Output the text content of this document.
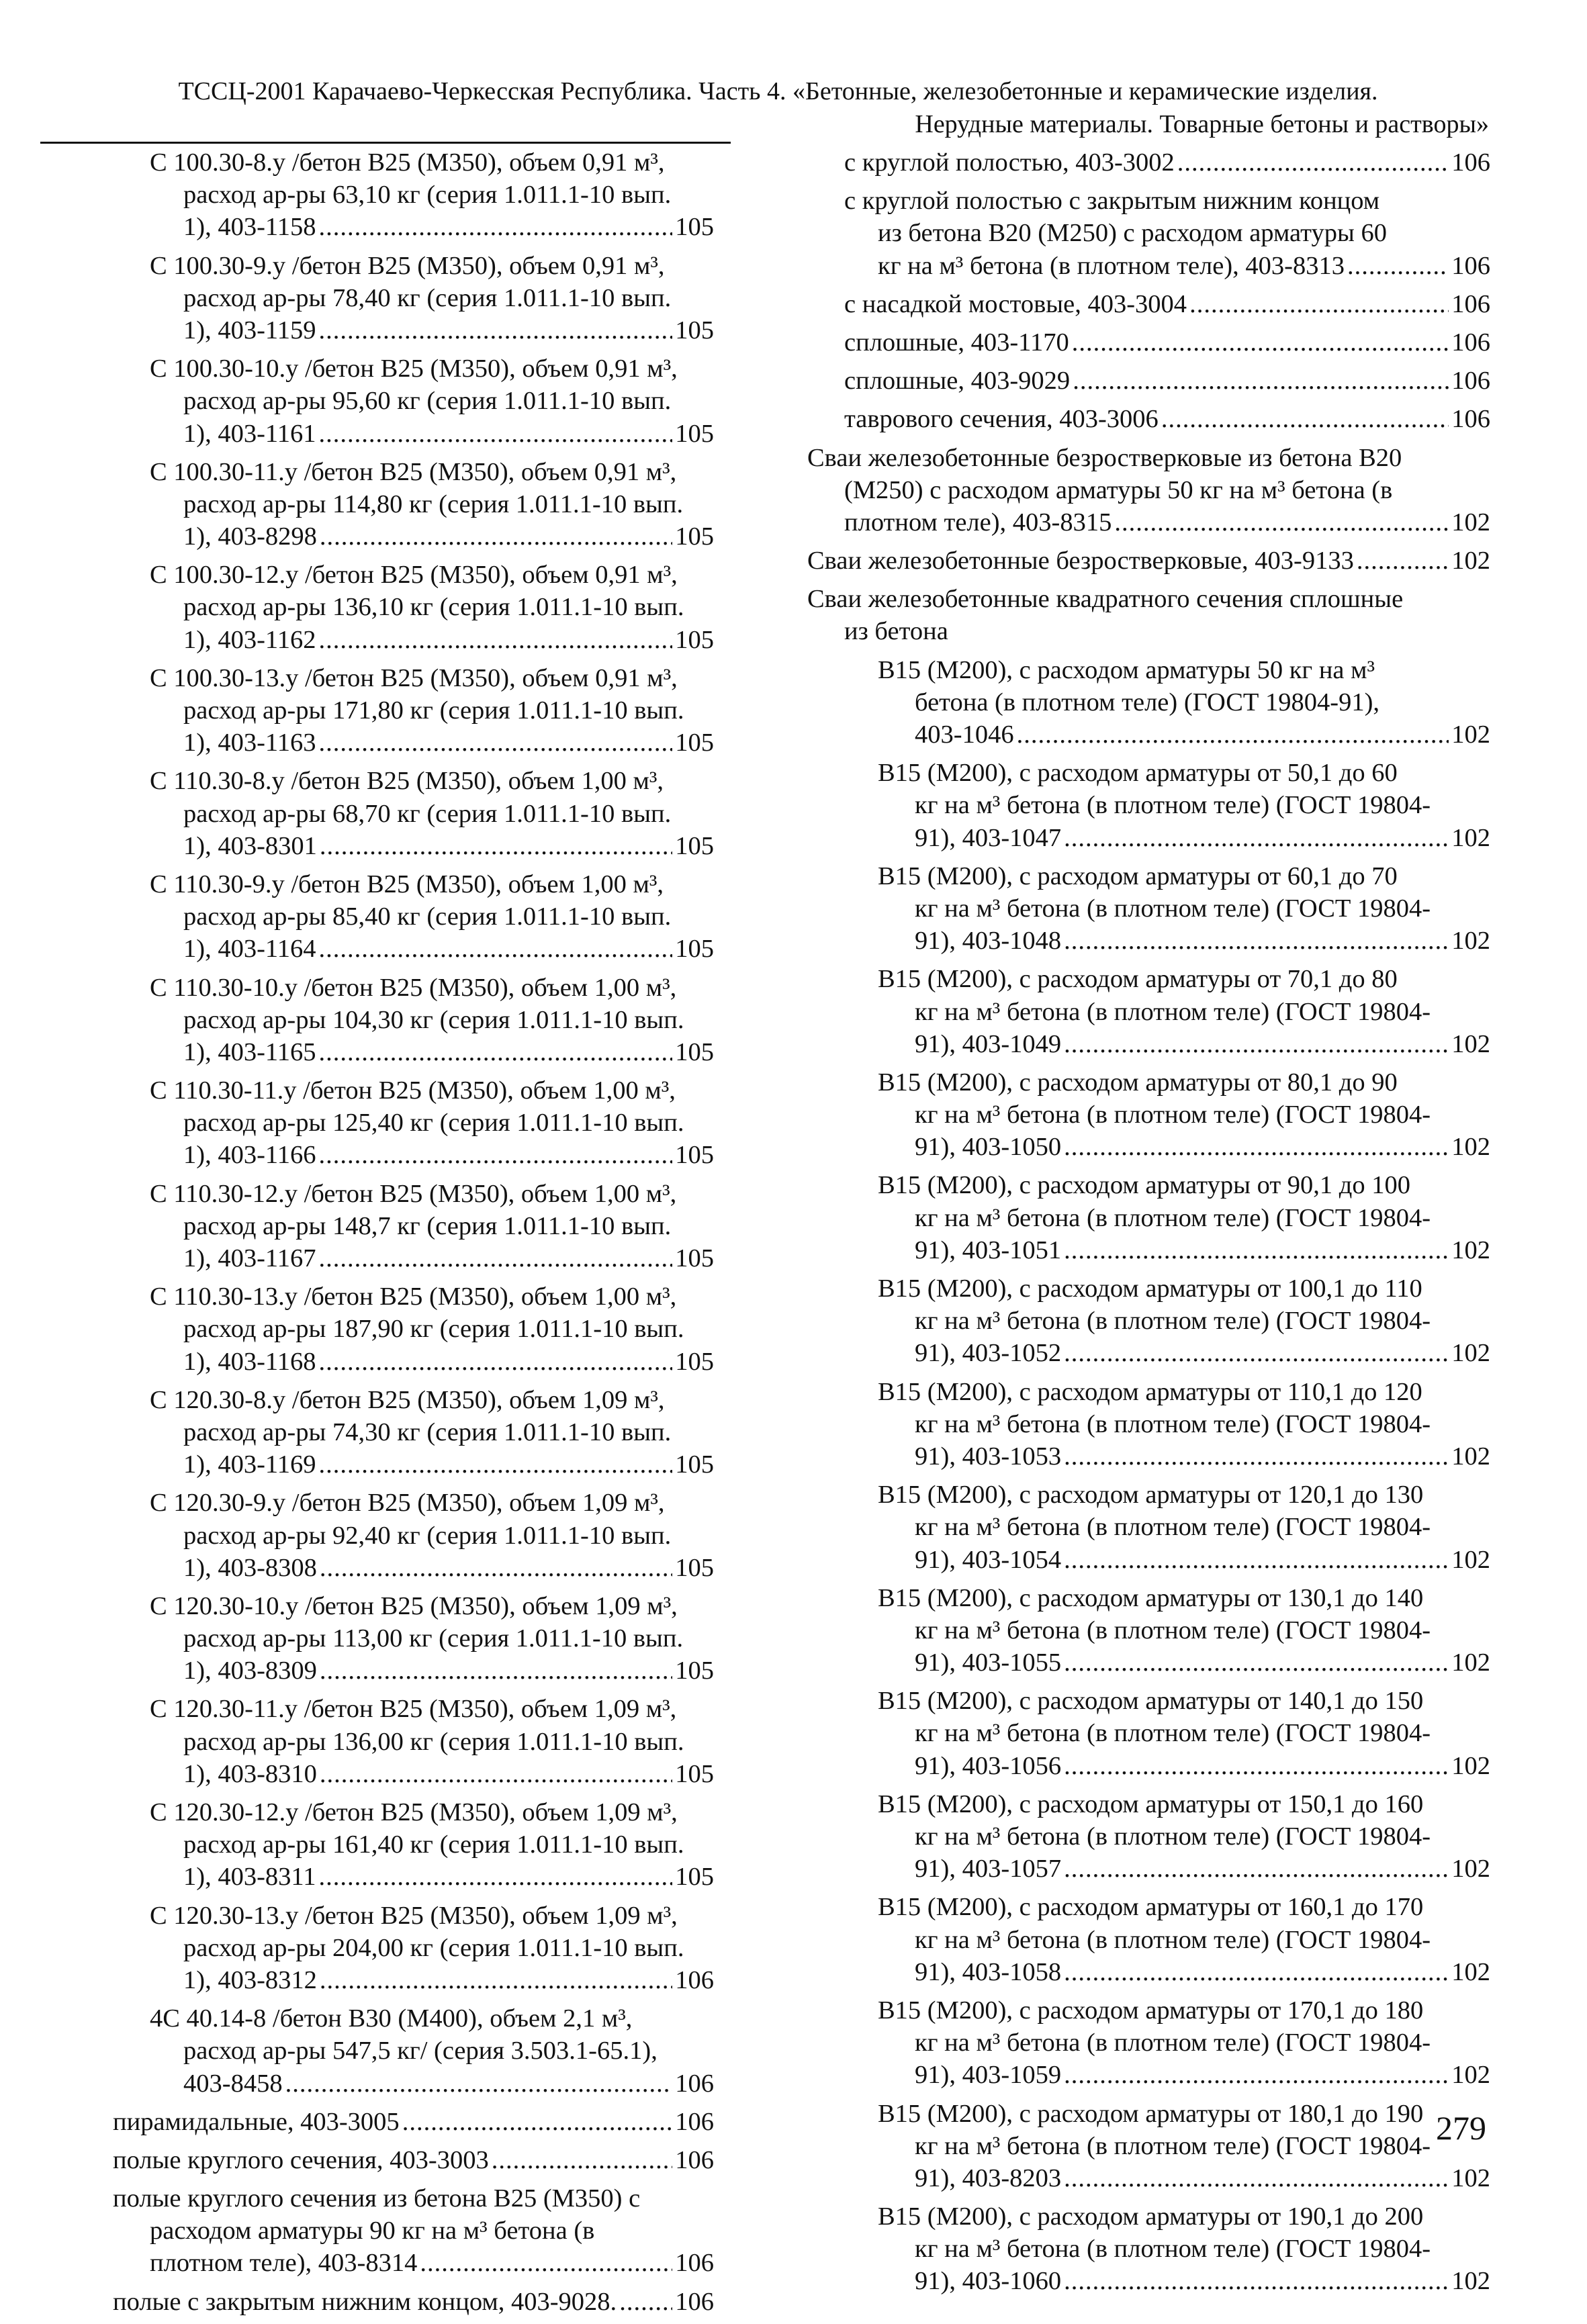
ТССЦ-2001 Карачаево-Черкесская Республика. Часть 4. «Бетонные, железобетонные и керамические изделия.
Нерудные материалы. Товарные бетоны и растворы»
С 100.30-8.у /бетон В25 (М350), объем 0,91 м³,
расход ар-ры 63,10 кг (серия 1.011.1-10 вып.
1), 403-1158 .....	105
С 100.30-9.у /бетон В25 (М350), объем 0,91 м³,
расход ар-ры 78,40 кг (серия 1.011.1-10 вып.
1), 403-1159 .....	105
С 100.30-10.у /бетон В25 (М350), объем 0,91 м³,
расход ар-ры 95,60 кг (серия 1.011.1-10 вып.
1), 403-1161 .....	105
С 100.30-11.у /бетон В25 (М350), объем 0,91 м³,
расход ар-ры 114,80 кг (серия 1.011.1-10 вып.
1), 403-8298 .....	105
С 100.30-12.у /бетон В25 (М350), объем 0,91 м³,
расход ар-ры 136,10 кг (серия 1.011.1-10 вып.
1), 403-1162 .....	105
С 100.30-13.у /бетон В25 (М350), объем 0,91 м³,
расход ар-ры 171,80 кг (серия 1.011.1-10 вып.
1), 403-1163 .....	105
С 110.30-8.у /бетон В25 (М350), объем 1,00 м³,
расход ар-ры 68,70 кг (серия 1.011.1-10 вып.
1), 403-8301 .....	105
С 110.30-9.у /бетон В25 (М350), объем 1,00 м³,
расход ар-ры 85,40 кг (серия 1.011.1-10 вып.
1), 403-1164 .....	105
С 110.30-10.у /бетон В25 (М350), объем 1,00 м³,
расход ар-ры 104,30 кг (серия 1.011.1-10 вып.
1), 403-1165 .....	105
С 110.30-11.у /бетон В25 (М350), объем 1,00 м³,
расход ар-ры 125,40 кг (серия 1.011.1-10 вып.
1), 403-1166 .....	105
С 110.30-12.у /бетон В25 (М350), объем 1,00 м³,
расход ар-ры 148,7 кг (серия 1.011.1-10 вып.
1), 403-1167 .....	105
С 110.30-13.у /бетон В25 (М350), объем 1,00 м³,
расход ар-ры 187,90 кг (серия 1.011.1-10 вып.
1), 403-1168 .....	105
С 120.30-8.у /бетон В25 (М350), объем 1,09 м³,
расход ар-ры 74,30 кг (серия 1.011.1-10 вып.
1), 403-1169 .....	105
С 120.30-9.у /бетон В25 (М350), объем 1,09 м³,
расход ар-ры 92,40 кг (серия 1.011.1-10 вып.
1), 403-8308 .....	105
С 120.30-10.у /бетон В25 (М350), объем 1,09 м³,
расход ар-ры 113,00 кг (серия 1.011.1-10 вып.
1), 403-8309 .....	105
С 120.30-11.у /бетон В25 (М350), объем 1,09 м³,
расход ар-ры 136,00 кг (серия 1.011.1-10 вып.
1), 403-8310 .....	105
С 120.30-12.у /бетон В25 (М350), объем 1,09 м³,
расход ар-ры 161,40 кг (серия 1.011.1-10 вып.
1), 403-8311 .....	105
С 120.30-13.у /бетон В25 (М350), объем 1,09 м³,
расход ар-ры 204,00 кг (серия 1.011.1-10 вып.
1), 403-8312 .....	106
4С 40.14-8 /бетон В30 (М400), объем 2,1 м³,
расход ар-ры 547,5 кг/ (серия 3.503.1-65.1),
403-8458 .....	106
пирамидальные, 403-3005 .....	106
полые круглого сечения, 403-3003 .....	106
полые круглого сечения из бетона В25 (М350) с
расходом арматуры 90 кг на м³ бетона (в
плотном теле), 403-8314 .....	106
полые с закрытым нижним концом, 403-9028. ..... 106
с круглой полостью, 403-3002 .....	106
с круглой полостью с закрытым нижним концом
из бетона В20 (М250) с расходом арматуры 60
кг на м³ бетона (в плотном теле), 403-8313 .....	106
с насадкой мостовые, 403-3004 .....	106
сплошные, 403-1170 .....	106
сплошные, 403-9029 .....	106
таврового сечения, 403-3006 .....	106
Сваи железобетонные безростверковые из бетона В20
(М250) с расходом арматуры 50 кг на м³ бетона (в
плотном теле), 403-8315 .....	102
Сваи железобетонные безростверковые, 403-9133 .....	102
Сваи железобетонные квадратного сечения сплошные
из бетона
В15 (М200), с расходом арматуры 50 кг на м³
бетона (в плотном теле) (ГОСТ 19804-91),
403-1046 .....	102
В15 (М200), с расходом арматуры от 50,1 до 60
кг на м³ бетона (в плотном теле) (ГОСТ 19804-
91), 403-1047 .....	102
В15 (М200), с расходом арматуры от 60,1 до 70
кг на м³ бетона (в плотном теле) (ГОСТ 19804-
91), 403-1048 .....	102
В15 (М200), с расходом арматуры от 70,1 до 80
кг на м³ бетона (в плотном теле) (ГОСТ 19804-
91), 403-1049 .....	102
В15 (М200), с расходом арматуры от 80,1 до 90
кг на м³ бетона (в плотном теле) (ГОСТ 19804-
91), 403-1050 .....	102
В15 (М200), с расходом арматуры от 90,1 до 100
кг на м³ бетона (в плотном теле) (ГОСТ 19804-
91), 403-1051 .....	102
В15 (М200), с расходом арматуры от 100,1 до 110
кг на м³ бетона (в плотном теле) (ГОСТ 19804-
91), 403-1052 .....	102
В15 (М200), с расходом арматуры от 110,1 до 120
кг на м³ бетона (в плотном теле) (ГОСТ 19804-
91), 403-1053 .....	102
В15 (М200), с расходом арматуры от 120,1 до 130
кг на м³ бетона (в плотном теле) (ГОСТ 19804-
91), 403-1054 .....	102
В15 (М200), с расходом арматуры от 130,1 до 140
кг на м³ бетона (в плотном теле) (ГОСТ 19804-
91), 403-1055 .....	102
В15 (М200), с расходом арматуры от 140,1 до 150
кг на м³ бетона (в плотном теле) (ГОСТ 19804-
91), 403-1056 .....	102
В15 (М200), с расходом арматуры от 150,1 до 160
кг на м³ бетона (в плотном теле) (ГОСТ 19804-
91), 403-1057 .....	102
В15 (М200), с расходом арматуры от 160,1 до 170
кг на м³ бетона (в плотном теле) (ГОСТ 19804-
91), 403-1058 .....	102
В15 (М200), с расходом арматуры от 170,1 до 180
кг на м³ бетона (в плотном теле) (ГОСТ 19804-
91), 403-1059 .....	102
В15 (М200), с расходом арматуры от 180,1 до 190
кг на м³ бетона (в плотном теле) (ГОСТ 19804-
91), 403-8203 .....	102
В15 (М200), с расходом арматуры от 190,1 до 200
кг на м³ бетона (в плотном теле) (ГОСТ 19804-
91), 403-1060 .....	102
279
